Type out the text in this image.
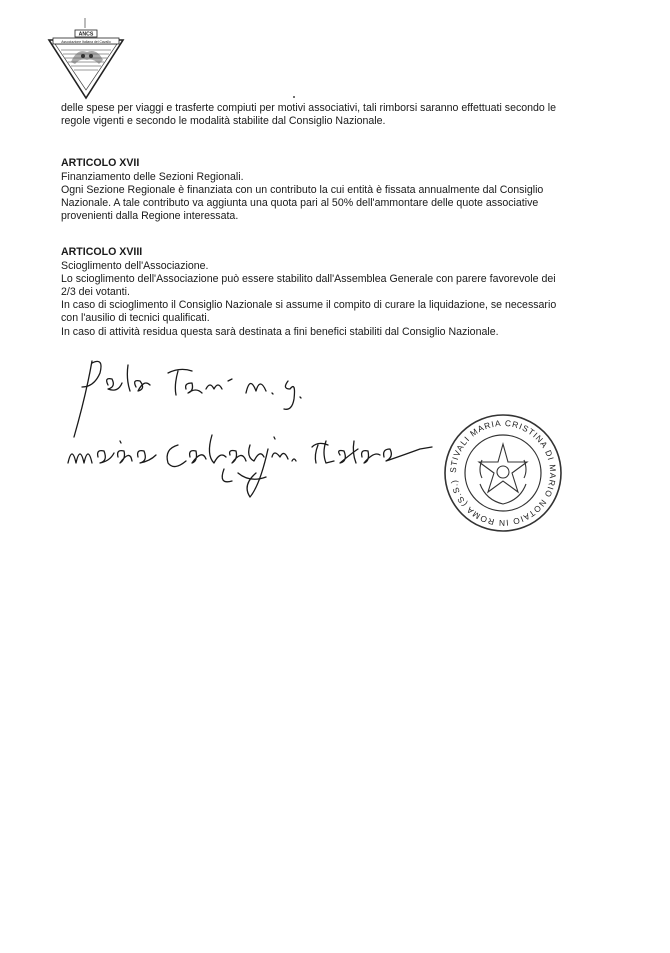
ANCS
Associazione Italiana del Cavallo

delle spese per viaggi e trasferte compiuti per motivi associativi, tali rimborsi saranno effettuati secondo le

regole vigenti e secondo le modalità stabilite dal Consiglio Nazionale.

ARTICOLO XVII

Finanziamento delle Sezioni Regionali.

Ogni Sezione Regionale è finanziata con un contributo la cui entità è fissata annualmente dal Consiglio

Nazionale. A tale contributo va aggiunta una quota pari al 50% dell'ammontare delle quote associative

provenienti dalla Regione interessata.

ARTICOLO XVIII

Scioglimento dell'Associazione.

Lo scioglimento dell'Associazione può essere stabilito dall'Assemblea Generale con parere favorevole dei

2/3 dei votanti.

In caso di scioglimento il Consiglio Nazionale si assume il compito di curare la liquidazione, se necessario

con l'ausilio di tecnici qualificati.

In caso di attività residua questa sarà destinata a fini benefici stabiliti dal Consiglio Nazionale.

Paolo Tosi M.g.
Maria Cristina Stivali notaio
STIVALI MARIA CRISTINA DI MARIO NOTAIO IN ROMA (S.S.)
